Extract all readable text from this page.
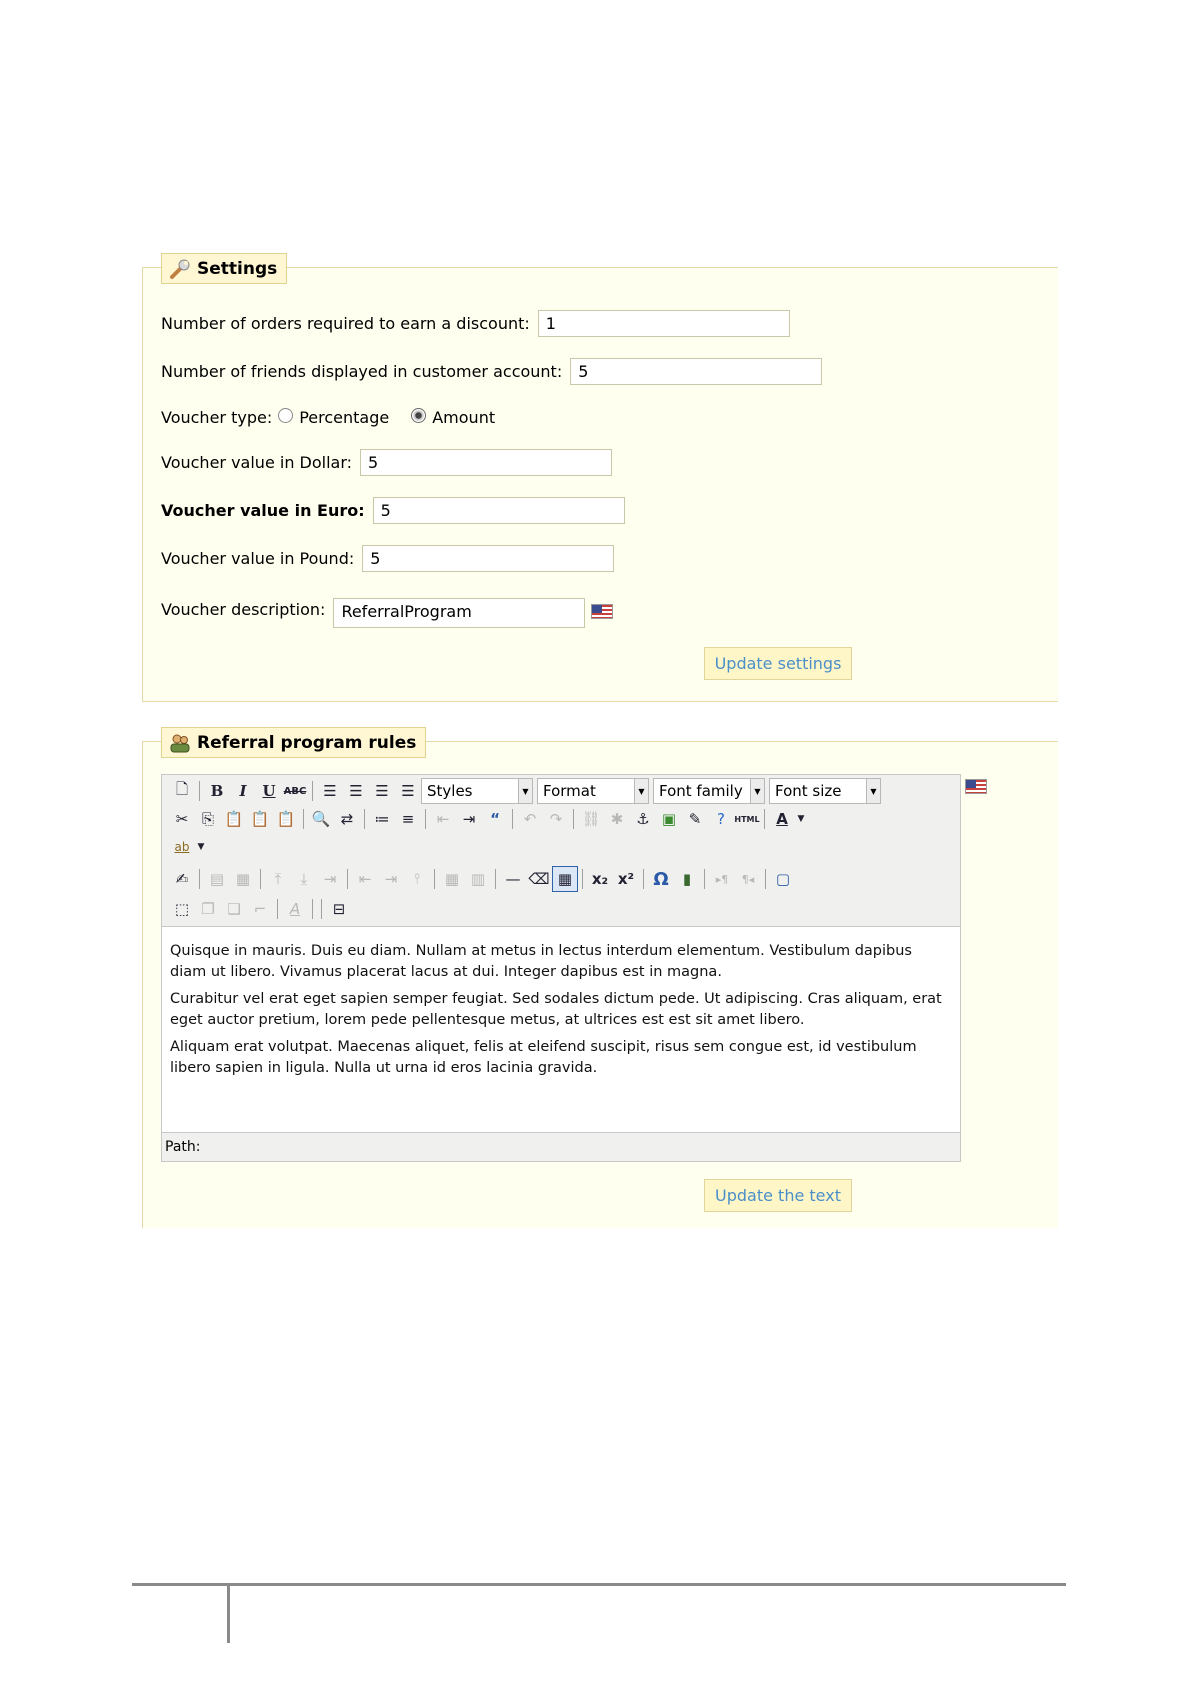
Settings
Number of orders required to earn a discount:	1
Number of friends displayed in customer account:	5
Voucher type: Percentage	Amount
Voucher value in Dollar:	5
Voucher value in Euro:	5
Voucher value in Pound:	5
Voucher description:	ReferralProgram
Update settings
Referral program rules
🗋	B	I	U ABC	☰ ☰ ☰ ☰ Styles	▼ Format	▼ Font family	▼ Font size	▼
✂ ⎘ 📋 📋 📋 🔍 ⇄	≔ ≡	⇤ ⇥ “	↶ ↷	⛓ ✱ ⚓ ▣ ✎	?	HTML	A	▼
ab ▼
✍	▤ ▦	⤒	⤓	⇥	⇤ ⇥	⫯	▦ ▥	— ⌫ ▦	x₂ x² Ω ▮	▸¶	¶◂	▢
⬚ ❐ ❏ ⌐	A	⊟

Quisque in mauris. Duis eu diam. Nullam at metus in lectus interdum elementum. Vestibulum dapibus diam ut libero. Vivamus placerat lacus at dui. Integer dapibus est in magna.

Curabitur vel erat eget sapien semper feugiat. Sed sodales dictum pede. Ut adipiscing. Cras aliquam, erat eget auctor pretium, lorem pede pellentesque metus, at ultrices est est sit amet libero.

Aliquam erat volutpat. Maecenas aliquet, felis at eleifend suscipit, risus sem congue est, id vestibulum libero sapien in ligula. Nulla ut urna id eros lacinia gravida.

Path:
Update the text
